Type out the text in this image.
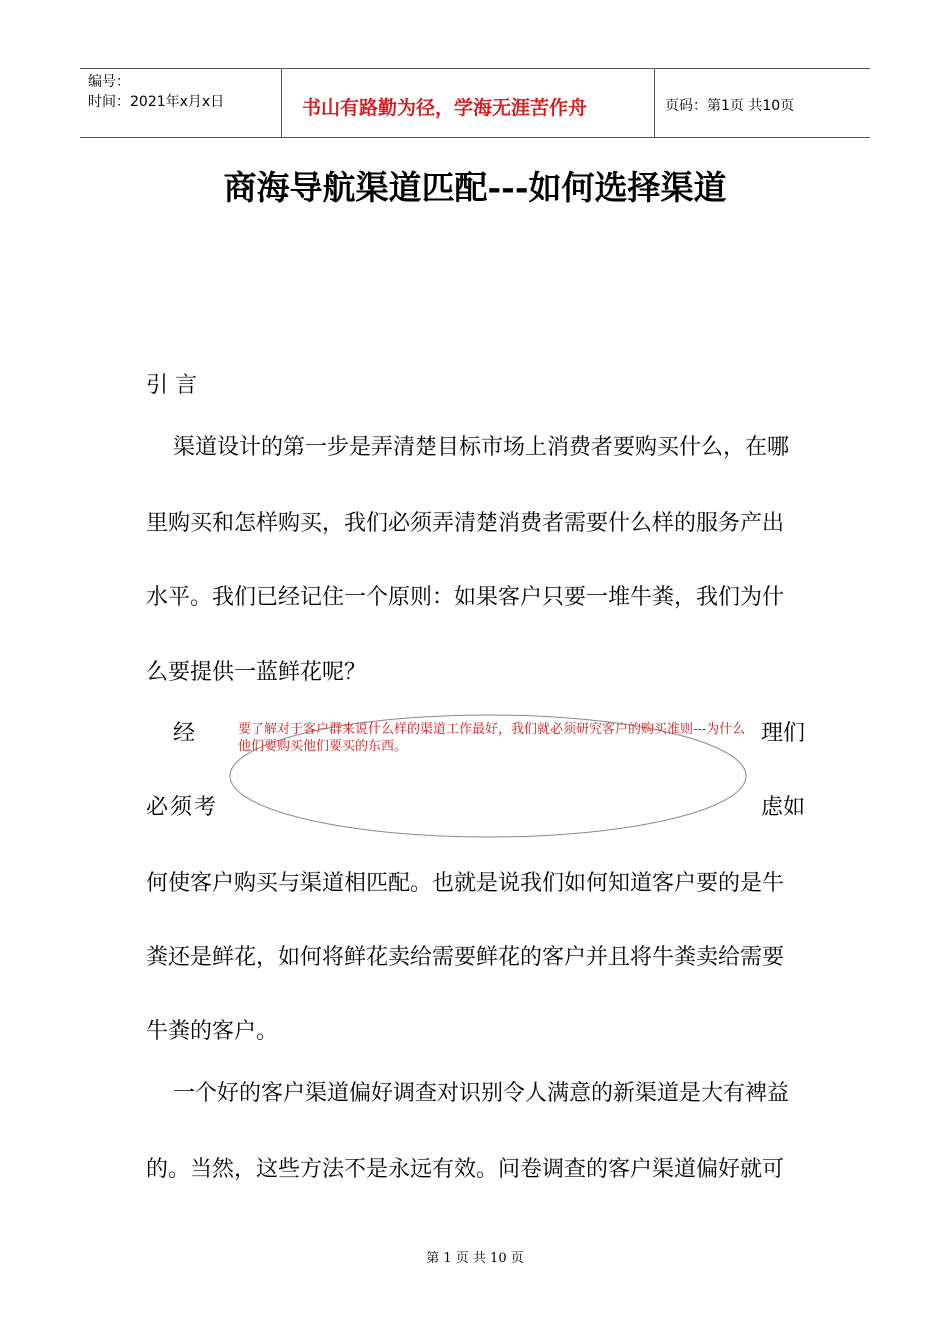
编号：
时间：2021年x月x日	书山有路勤为径，学海无涯苦作舟	页码：第1页 共10页
商海导航渠道匹配---如何选择渠道
引 言
渠道设计的第一步是弄清楚目标市场上消费者要购买什么，在哪
里购买和怎样购买，我们必须弄清楚消费者需要什么样的服务产出
水平。我们已经记住一个原则：如果客户只要一堆牛粪，我们为什
么要提供一蓝鲜花呢？
经	理们
必须考	虑如
要了解对于客户群来说什么样的渠道工作最好，我们就必须研究客户的购买准则---为什么他们要购买他们要买的东西。
何使客户购买与渠道相匹配。也就是说我们如何知道客户要的是牛
粪还是鲜花，如何将鲜花卖给需要鲜花的客户并且将牛粪卖给需要
牛粪的客户。
一个好的客户渠道偏好调查对识别令人满意的新渠道是大有裨益
的。当然，这些方法不是永远有效。问卷调查的客户渠道偏好就可
第 1 页 共 10 页
